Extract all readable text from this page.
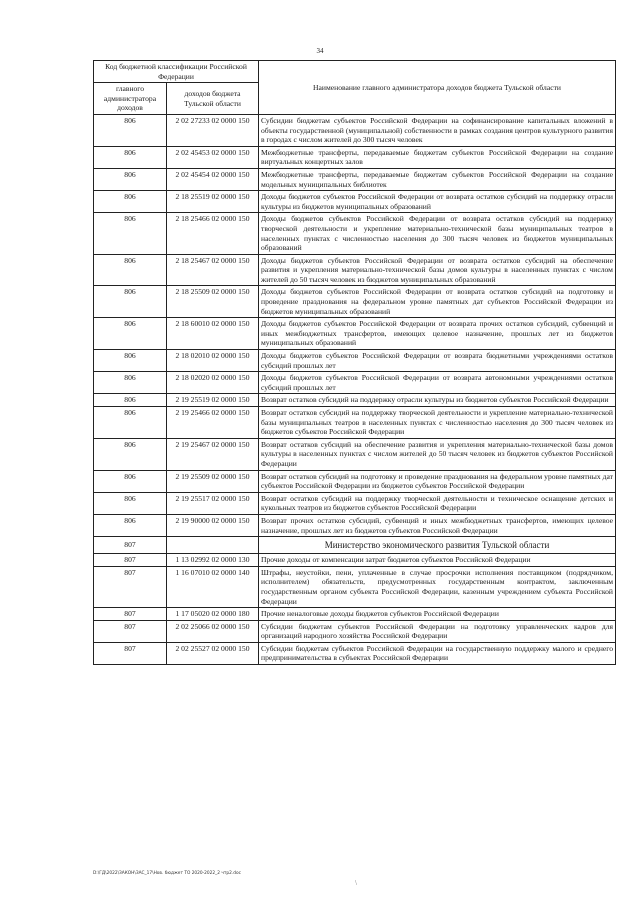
34
Код бюджетной классификации Российской Федерации		Наименование главного администратора доходов бюджета Тульской области
главного администратора доходов	доходов бюджета Тульской области	
806	2 02 27233 02 0000 150	Субсидии бюджетам субъектов Российской Федерации на софинансирование капитальных вложений в объекты государственной (муниципальной) собственности в рамках создания центров культурного развития в городах с числом жителей до 300 тысяч человек
806	2 02 45453 02 0000 150	Межбюджетные трансферты, передаваемые бюджетам субъектов Российской Федерации на создание виртуальных концертных залов
806	2 02 45454 02 0000 150	Межбюджетные трансферты, передаваемые бюджетам субъектов Российской Федерации на создание модельных муниципальных библиотек
806	2 18 25519 02 0000 150	Доходы бюджетов субъектов Российской Федерации от возврата остатков субсидий на поддержку отрасли культуры из бюджетов муниципальных образований
806	2 18 25466 02 0000 150	Доходы бюджетов субъектов Российской Федерации от возврата остатков субсидий на поддержку творческой деятельности и укрепление материально-технической базы муниципальных театров в населенных пунктах с численностью населения до 300 тысяч человек из бюджетов муниципальных образований
806	2 18 25467 02 0000 150	Доходы бюджетов субъектов Российской Федерации от возврата остатков субсидий на обеспечение развития и укрепления материально-технической базы домов культуры в населенных пунктах с числом жителей до 50 тысяч человек из бюджетов муниципальных образований
806	2 18 25509 02 0000 150	Доходы бюджетов субъектов Российской Федерации от возврата остатков субсидий на подготовку и проведение празднования на федеральном уровне памятных дат субъектов Российской Федерации из бюджетов муниципальных образований
806	2 18 60010 02 0000 150	Доходы бюджетов субъектов Российской Федерации от возврата прочих остатков субсидий, субвенций и иных межбюджетных трансфертов, имеющих целевое назначение, прошлых лет из бюджетов муниципальных образований
806	2 18 02010 02 0000 150	Доходы бюджетов субъектов Российской Федерации от возврата бюджетными учреждениями остатков субсидий прошлых лет
806	2 18 02020 02 0000 150	Доходы бюджетов субъектов Российской Федерации от возврата автономными учреждениями остатков субсидий прошлых лет
806	2 19 25519 02 0000 150	Возврат остатков субсидий на поддержку отрасли культуры из бюджетов субъектов Российской Федерации
806	2 19 25466 02 0000 150	Возврат остатков субсидий на поддержку творческой деятельности и укрепление материально-технической базы муниципальных театров в населенных пунктах с численностью населения до 300 тысяч человек из бюджетов субъектов Российской Федерации
806	2 19 25467 02 0000 150	Возврат остатков субсидий на обеспечение развития и укрепления материально-технической базы домов культуры в населенных пунктах с числом жителей до 50 тысяч человек из бюджетов субъектов Российской Федерации
806	2 19 25509 02 0000 150	Возврат остатков субсидий на подготовку и проведение празднования на федеральном уровне памятных дат субъектов Российской Федерации из бюджетов субъектов Российской Федерации
806	2 19 25517 02 0000 150	Возврат остатков субсидий на поддержку творческой деятельности и техническое оснащение детских и кукольных театров из бюджетов субъектов Российской Федерации
806	2 19 90000 02 0000 150	Возврат прочих остатков субсидий, субвенций и иных межбюджетных трансфертов, имеющих целевое назначение, прошлых лет из бюджетов субъектов Российской Федерации
807		Министерство экономического развития Тульской области
807	1 13 02992 02 0000 130	Прочие доходы от компенсации затрат бюджетов субъектов Российской Федерации
807	1 16 07010 02 0000 140	Штрафы, неустойки, пени, уплаченные в случае просрочки исполнения поставщиком (подрядчиком, исполнителем) обязательств, предусмотренных государственным контрактом, заключенным государственным органом субъекта Российской Федерации, казенным учреждением субъекта Российской Федерации
807	1 17 05020 02 0000 180	Прочие неналоговые доходы бюджетов субъектов Российской Федерации
807	2 02 25066 02 0000 150	Субсидии бюджетам субъектов Российской Федерации на подготовку управленческих кадров для организаций народного хозяйства Российской Федерации
807	2 02 25527 02 0000 150	Субсидии бюджетам субъектов Российской Федерации на государственную поддержку малого и среднего предпринимательства в субъектах Российской Федерации
D:\ГД\2022\ЗАКОН\ЗАС_17\Нов. бюджет ТО 2020-2022_2 чтр2.doc
\
